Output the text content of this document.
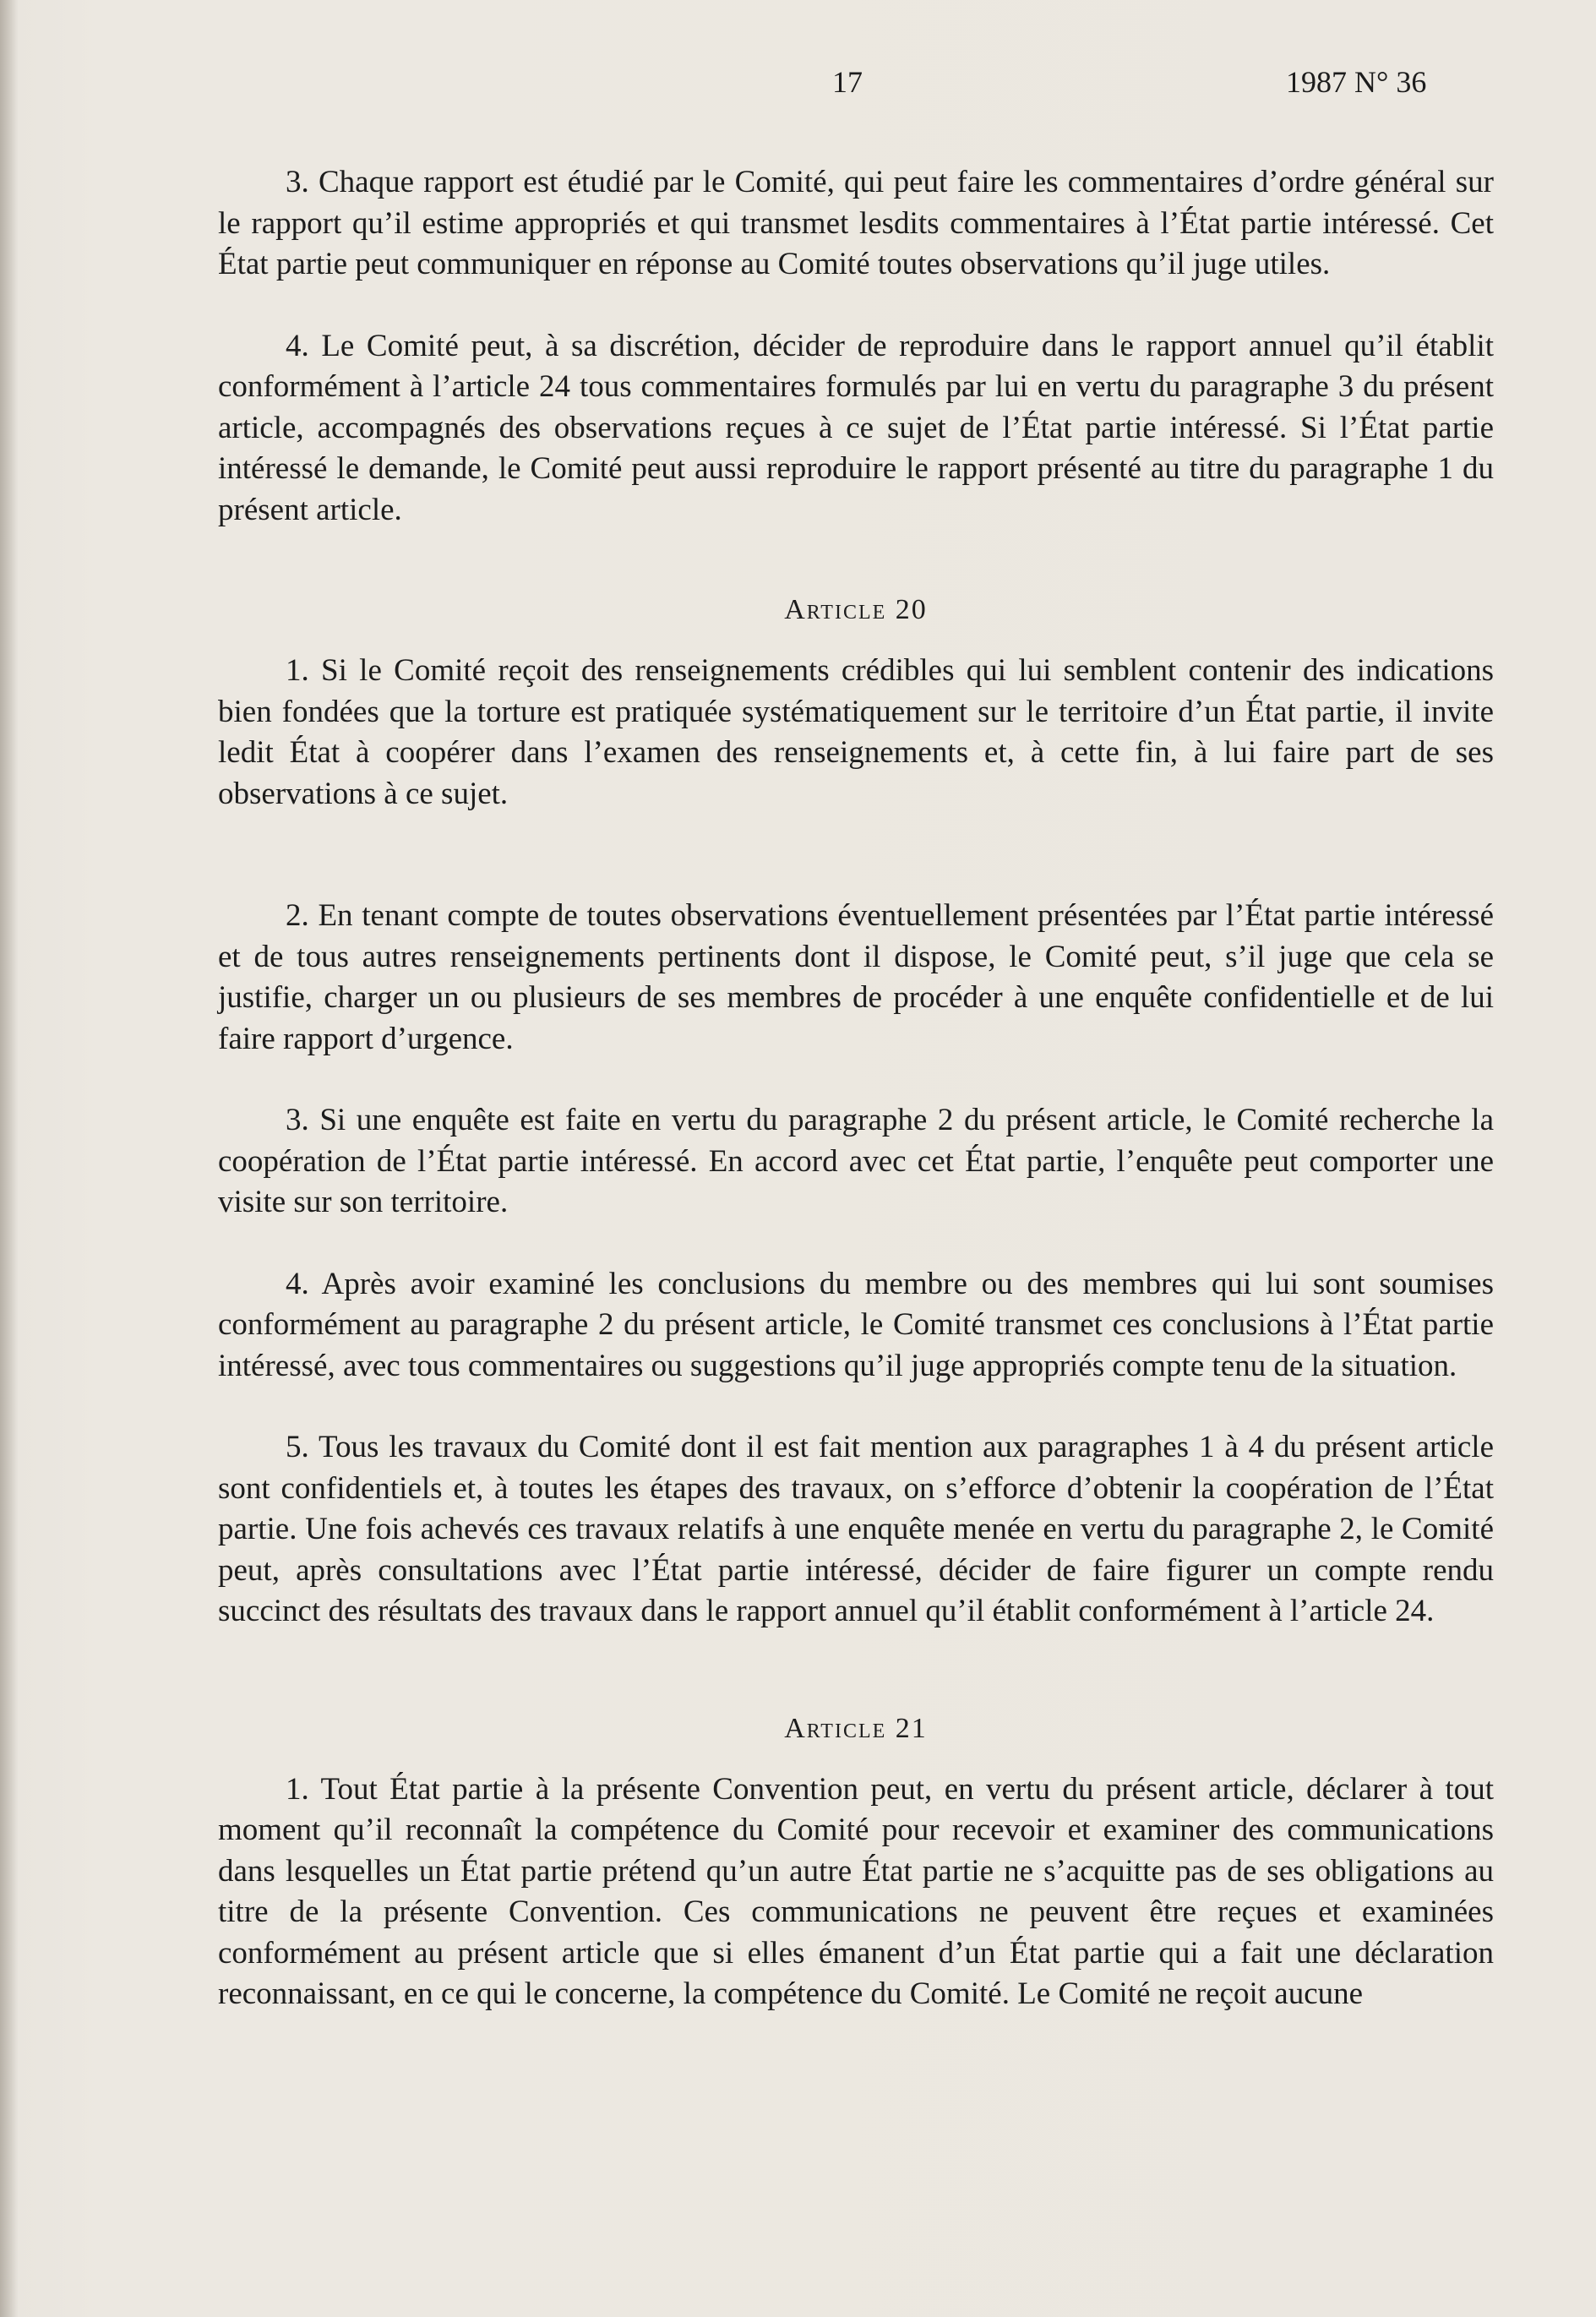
17	1987 N° 36

3. Chaque rapport est étudié par le Comité, qui peut faire les commentaires d’ordre général sur le rapport qu’il estime appropriés et qui transmet lesdits commentaires à l’État partie intéressé. Cet État partie peut communiquer en réponse au Comité toutes observations qu’il juge utiles.

4. Le Comité peut, à sa discrétion, décider de reproduire dans le rapport annuel qu’il établit conformément à l’article 24 tous commentaires formulés par lui en vertu du paragraphe 3 du présent article, accompagnés des observations reçues à ce sujet de l’État partie intéressé. Si l’État partie intéressé le demande, le Comité peut aussi reproduire le rapport présenté au titre du paragraphe 1 du présent article.

Article 20

1. Si le Comité reçoit des renseignements crédibles qui lui semblent contenir des indications bien fondées que la torture est pratiquée systématiquement sur le territoire d’un État partie, il invite ledit État à coopérer dans l’examen des renseignements et, à cette fin, à lui faire part de ses observations à ce sujet.

2. En tenant compte de toutes observations éventuellement présentées par l’État partie intéressé et de tous autres renseignements pertinents dont il dispose, le Comité peut, s’il juge que cela se justifie, charger un ou plusieurs de ses membres de procéder à une enquête confidentielle et de lui faire rapport d’urgence.

3. Si une enquête est faite en vertu du paragraphe 2 du présent article, le Comité recherche la coopération de l’État partie intéressé. En accord avec cet État partie, l’enquête peut comporter une visite sur son territoire.

4. Après avoir examiné les conclusions du membre ou des membres qui lui sont soumises conformément au paragraphe 2 du présent article, le Comité transmet ces conclusions à l’État partie intéressé, avec tous commentaires ou suggestions qu’il juge appropriés compte tenu de la situation.

5. Tous les travaux du Comité dont il est fait mention aux paragraphes 1 à 4 du présent article sont confidentiels et, à toutes les étapes des travaux, on s’efforce d’obtenir la coopération de l’État partie. Une fois achevés ces travaux relatifs à une enquête menée en vertu du paragraphe 2, le Comité peut, après consultations avec l’État partie intéressé, décider de faire figurer un compte rendu succinct des résultats des travaux dans le rapport annuel qu’il établit conformément à l’article 24.

Article 21

1. Tout État partie à la présente Convention peut, en vertu du présent article, déclarer à tout moment qu’il reconnaît la compétence du Comité pour recevoir et examiner des communications dans lesquelles un État partie prétend qu’un autre État partie ne s’acquitte pas de ses obligations au titre de la présente Convention. Ces communications ne peuvent être reçues et examinées conformément au présent article que si elles émanent d’un État partie qui a fait une déclaration reconnaissant, en ce qui le concerne, la compétence du Comité. Le Comité ne reçoit aucune
